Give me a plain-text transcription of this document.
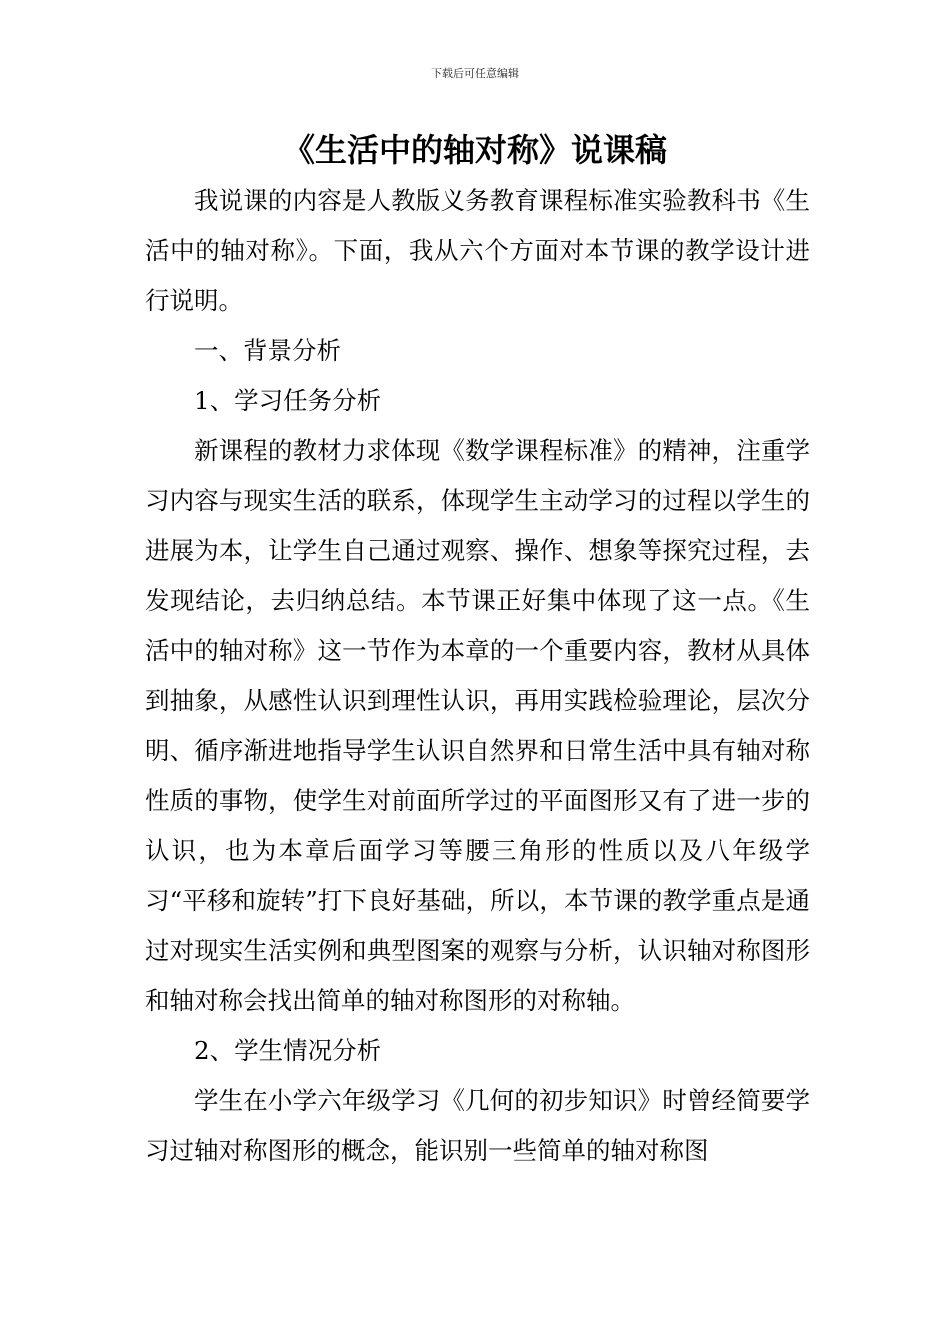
下载后可任意编辑
《生活中的轴对称》说课稿

我说课的内容是人教版义务教育课程标准实验教科书《生活中的轴对称》。下面，我从六个方面对本节课的教学设计进行说明。

一、背景分析

1、学习任务分析

新课程的教材力求体现《数学课程标准》的精神，注重学习内容与现实生活的联系，体现学生主动学习的过程以学生的进展为本，让学生自己通过观察、操作、想象等探究过程，去发现结论，去归纳总结。本节课正好集中体现了这一点。《生活中的轴对称》这一节作为本章的一个重要内容，教材从具体到抽象，从感性认识到理性认识，再用实践检验理论，层次分明、循序渐进地指导学生认识自然界和日常生活中具有轴对称性质的事物，使学生对前面所学过的平面图形又有了进一步的认识，也为本章后面学习等腰三角形的性质以及八年级学习“平移和旋转”打下良好基础，所以，本节课的教学重点是通过对现实生活实例和典型图案的观察与分析，认识轴对称图形和轴对称会找出简单的轴对称图形的对称轴。

2、学生情况分析

学生在小学六年级学习《几何的初步知识》时曾经简要学习过轴对称图形的概念，能识别一些简单的轴对称图
